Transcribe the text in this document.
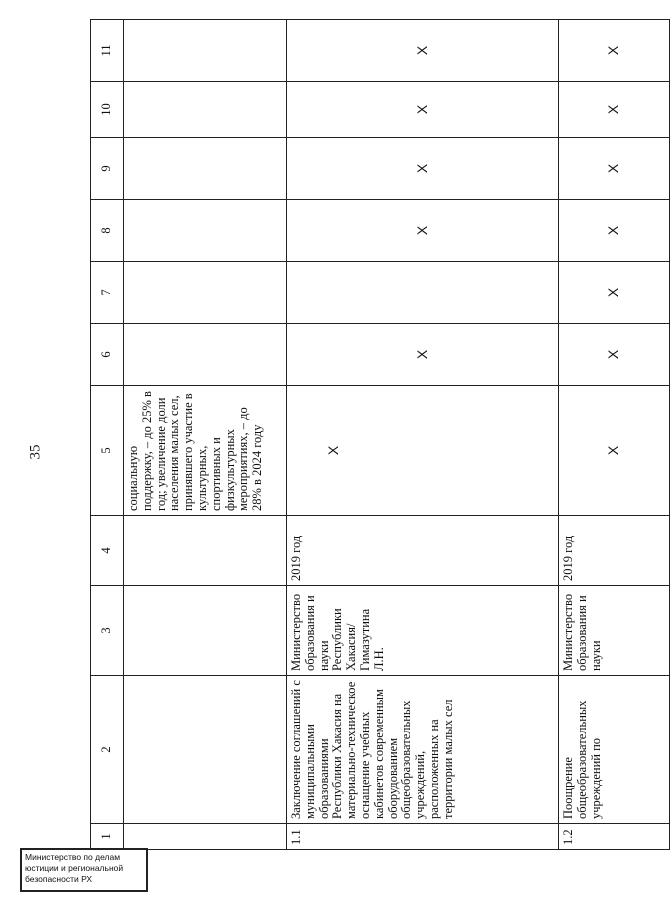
35
1	2	3	4	5	6	7	8	9	10	11
				социальную поддержку, – до 25% в год; увеличение доли населения малых сел, принявшего участие в культурных, спортивных и физкультурных мероприятиях, – до 28% в 2024 году						
1.1	Заключение соглашений с муниципальными образованиями Республики Хакасия на материально-техническое оснащение учебных кабинетов современным оборудованием общеобразовательных учреждений, расположенных на территории малых сел	Министерство образования и науки Республики Хакасия/ Гимазутина Л.Н.	2019 год	X	X		X	X	X	X
1.2	Поощрение общеобразовательных учреждений по	Министерство образования и науки	2019 год	X	X	X	X	X	X	X
Министерство по делам
юстиции и региональной
безопасности РХ
